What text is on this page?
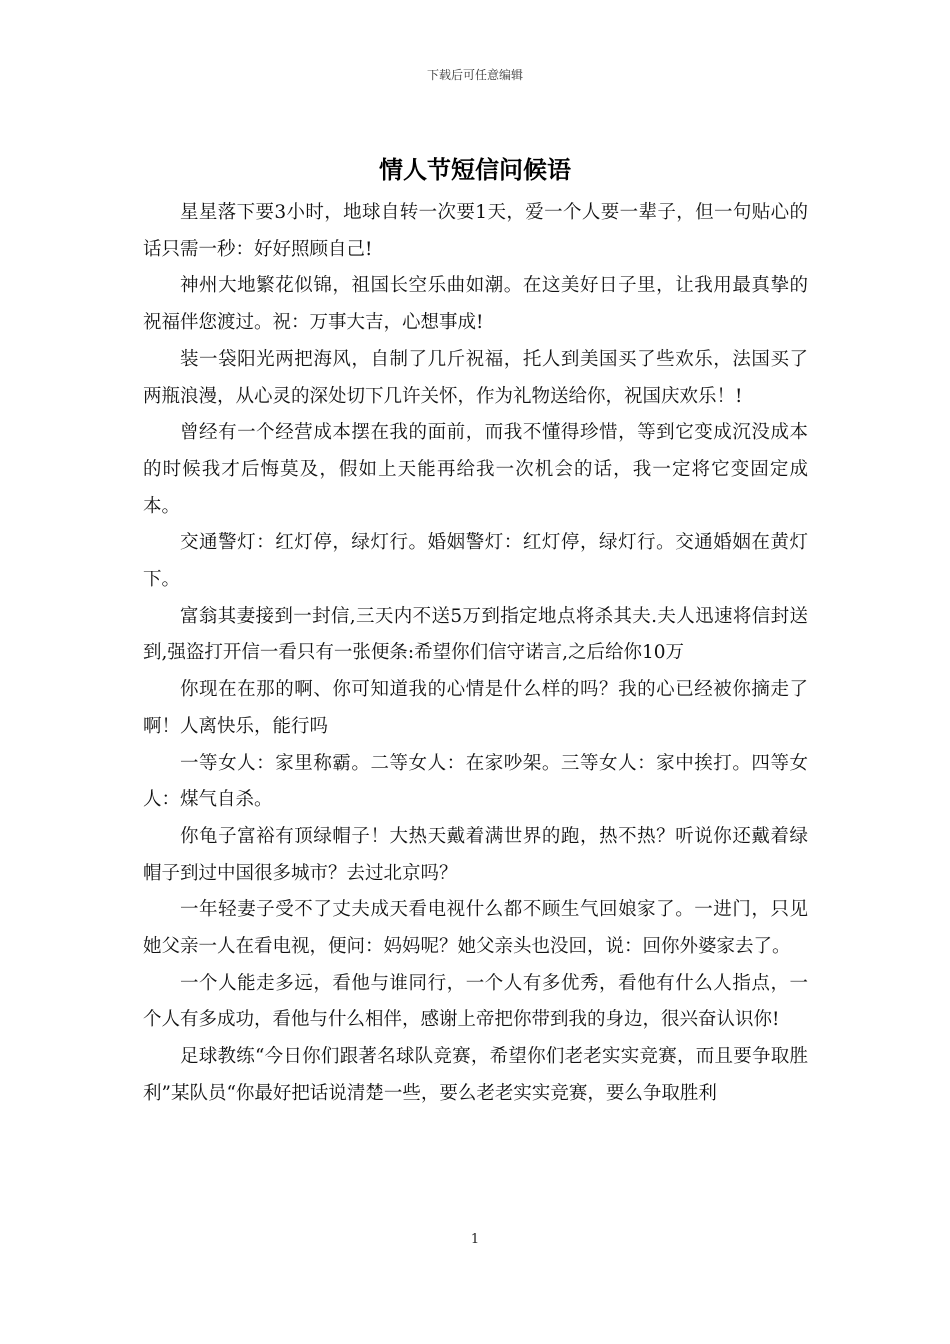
下载后可任意编辑
情人节短信问候语

星星落下要3小时，地球自转一次要1天，爱一个人要一辈子，但一句贴心的话只需一秒：好好照顾自己!

神州大地繁花似锦，祖国长空乐曲如潮。在这美好日子里，让我用最真挚的祝福伴您渡过。祝：万事大吉，心想事成!

装一袋阳光两把海风，自制了几斤祝福，托人到美国买了些欢乐，法国买了两瓶浪漫，从心灵的深处切下几许关怀，作为礼物送给你，祝国庆欢乐！!

曾经有一个经营成本摆在我的面前，而我不懂得珍惜，等到它变成沉没成本的时候我才后悔莫及，假如上天能再给我一次机会的话，我一定将它变固定成本。

交通警灯：红灯停，绿灯行。婚姻警灯：红灯停，绿灯行。交通婚姻在黄灯下。

富翁其妻接到一封信,三天内不送5万到指定地点将杀其夫.夫人迅速将信封送到,强盗打开信一看只有一张便条:希望你们信守诺言,之后给你10万

你现在在那的啊、你可知道我的心情是什么样的吗？我的心已经被你摘走了啊！人离快乐，能行吗

一等女人：家里称霸。二等女人：在家吵架。三等女人：家中挨打。四等女人：煤气自杀。

你龟子富裕有顶绿帽子！大热天戴着满世界的跑，热不热？听说你还戴着绿帽子到过中国很多城市？去过北京吗？

一年轻妻子受不了丈夫成天看电视什么都不顾生气回娘家了。一进门，只见她父亲一人在看电视，便问：妈妈呢？她父亲头也没回，说：回你外婆家去了。

一个人能走多远，看他与谁同行，一个人有多优秀，看他有什么人指点，一个人有多成功，看他与什么相伴，感谢上帝把你带到我的身边，很兴奋认识你!

足球教练“今日你们跟著名球队竞赛，希望你们老老实实竞赛，而且要争取胜利”某队员“你最好把话说清楚一些，要么老老实实竞赛，要么争取胜利

1
